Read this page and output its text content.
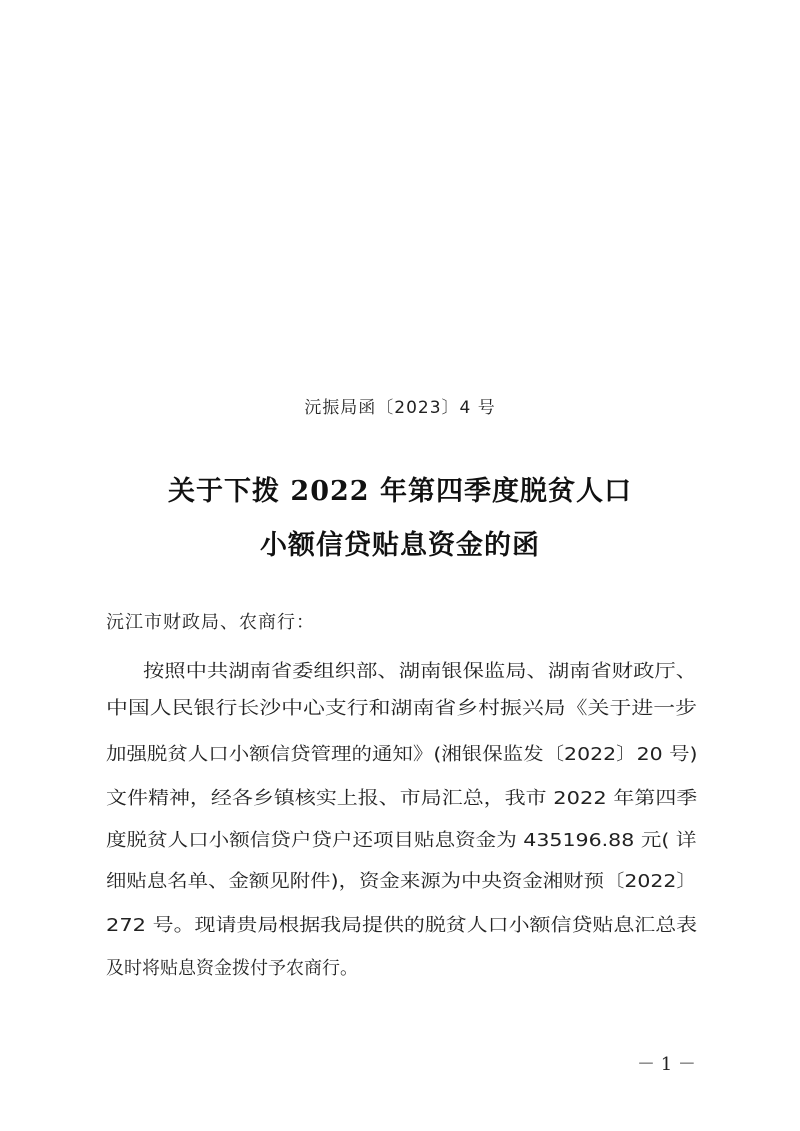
沅振局函〔2023〕4 号
关于下拨 2022 年第四季度脱贫人口
小额信贷贴息资金的函
沅江市财政局、农商行：
按照中共湖南省委组织部、湖南银保监局、湖南省财政厅、
中国人民银行长沙中心支行和湖南省乡村振兴局《关于进一步
加强脱贫人口小额信贷管理的通知》(湘银保监发〔2022〕20 号)
文件精神，经各乡镇核实上报、市局汇总，我市 2022 年第四季
度脱贫人口小额信贷户贷户还项目贴息资金为 435196.88 元( 详
细贴息名单、金额见附件)，资金来源为中央资金湘财预〔2022〕
272 号。现请贵局根据我局提供的脱贫人口小额信贷贴息汇总表
及时将贴息资金拨付予农商行。
－ 1 －
